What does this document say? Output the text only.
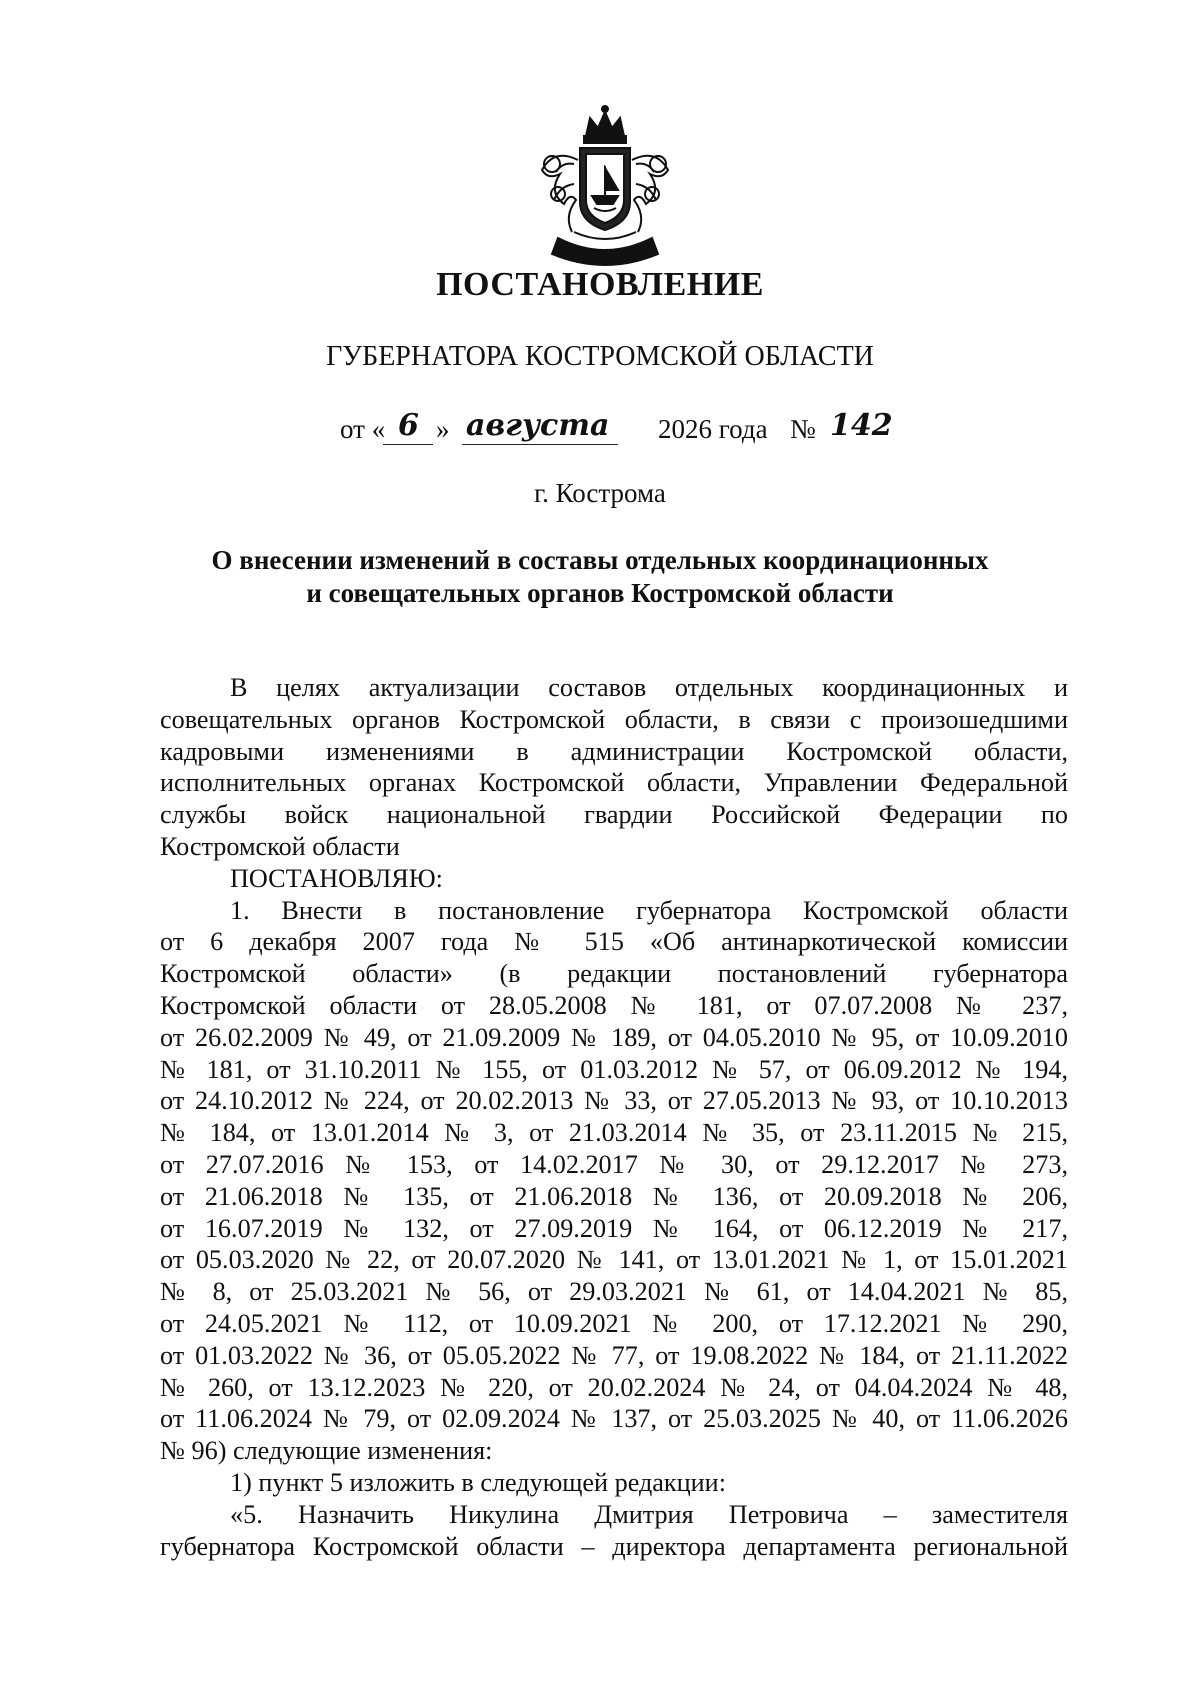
ПОСТАНОВЛЕНИЕ
ГУБЕРНАТОРА КОСТРОМСКОЙ ОБЛАСТИ
от « 6 » августа 2026 года № 142
г. Кострома
О внесении изменений в составы отдельных координационных
и совещательных органов Костромской области
В целях актуализации составов отдельных координационных и
совещательных органов Костромской области, в связи с произошедшими
кадровыми изменениями в администрации Костромской области,
исполнительных органах Костромской области, Управлении Федеральной
службы войск национальной гвардии Российской Федерации по
Костромской области
ПОСТАНОВЛЯЮ:
1. Внести в постановление губернатора Костромской области
от 6 декабря 2007 года № 515 «Об антинаркотической комиссии
Костромской области» (в редакции постановлений губернатора
Костромской области от 28.05.2008 № 181, от 07.07.2008 № 237,
от 26.02.2009 № 49, от 21.09.2009 № 189, от 04.05.2010 № 95, от 10.09.2010
№ 181, от 31.10.2011 № 155, от 01.03.2012 № 57, от 06.09.2012 № 194,
от 24.10.2012 № 224, от 20.02.2013 № 33, от 27.05.2013 № 93, от 10.10.2013
№ 184, от 13.01.2014 № 3, от 21.03.2014 № 35, от 23.11.2015 № 215,
от 27.07.2016 № 153, от 14.02.2017 № 30, от 29.12.2017 № 273,
от 21.06.2018 № 135, от 21.06.2018 № 136, от 20.09.2018 № 206,
от 16.07.2019 № 132, от 27.09.2019 № 164, от 06.12.2019 № 217,
от 05.03.2020 № 22, от 20.07.2020 № 141, от 13.01.2021 № 1, от 15.01.2021
№ 8, от 25.03.2021 № 56, от 29.03.2021 № 61, от 14.04.2021 № 85,
от 24.05.2021 № 112, от 10.09.2021 № 200, от 17.12.2021 № 290,
от 01.03.2022 № 36, от 05.05.2022 № 77, от 19.08.2022 № 184, от 21.11.2022
№ 260, от 13.12.2023 № 220, от 20.02.2024 № 24, от 04.04.2024 № 48,
от 11.06.2024 № 79, от 02.09.2024 № 137, от 25.03.2025 № 40, от 11.06.2026
№ 96) следующие изменения:
1) пункт 5 изложить в следующей редакции:
«5. Назначить Никулина Дмитрия Петровича – заместителя
губернатора Костромской области – директора департамента региональной
